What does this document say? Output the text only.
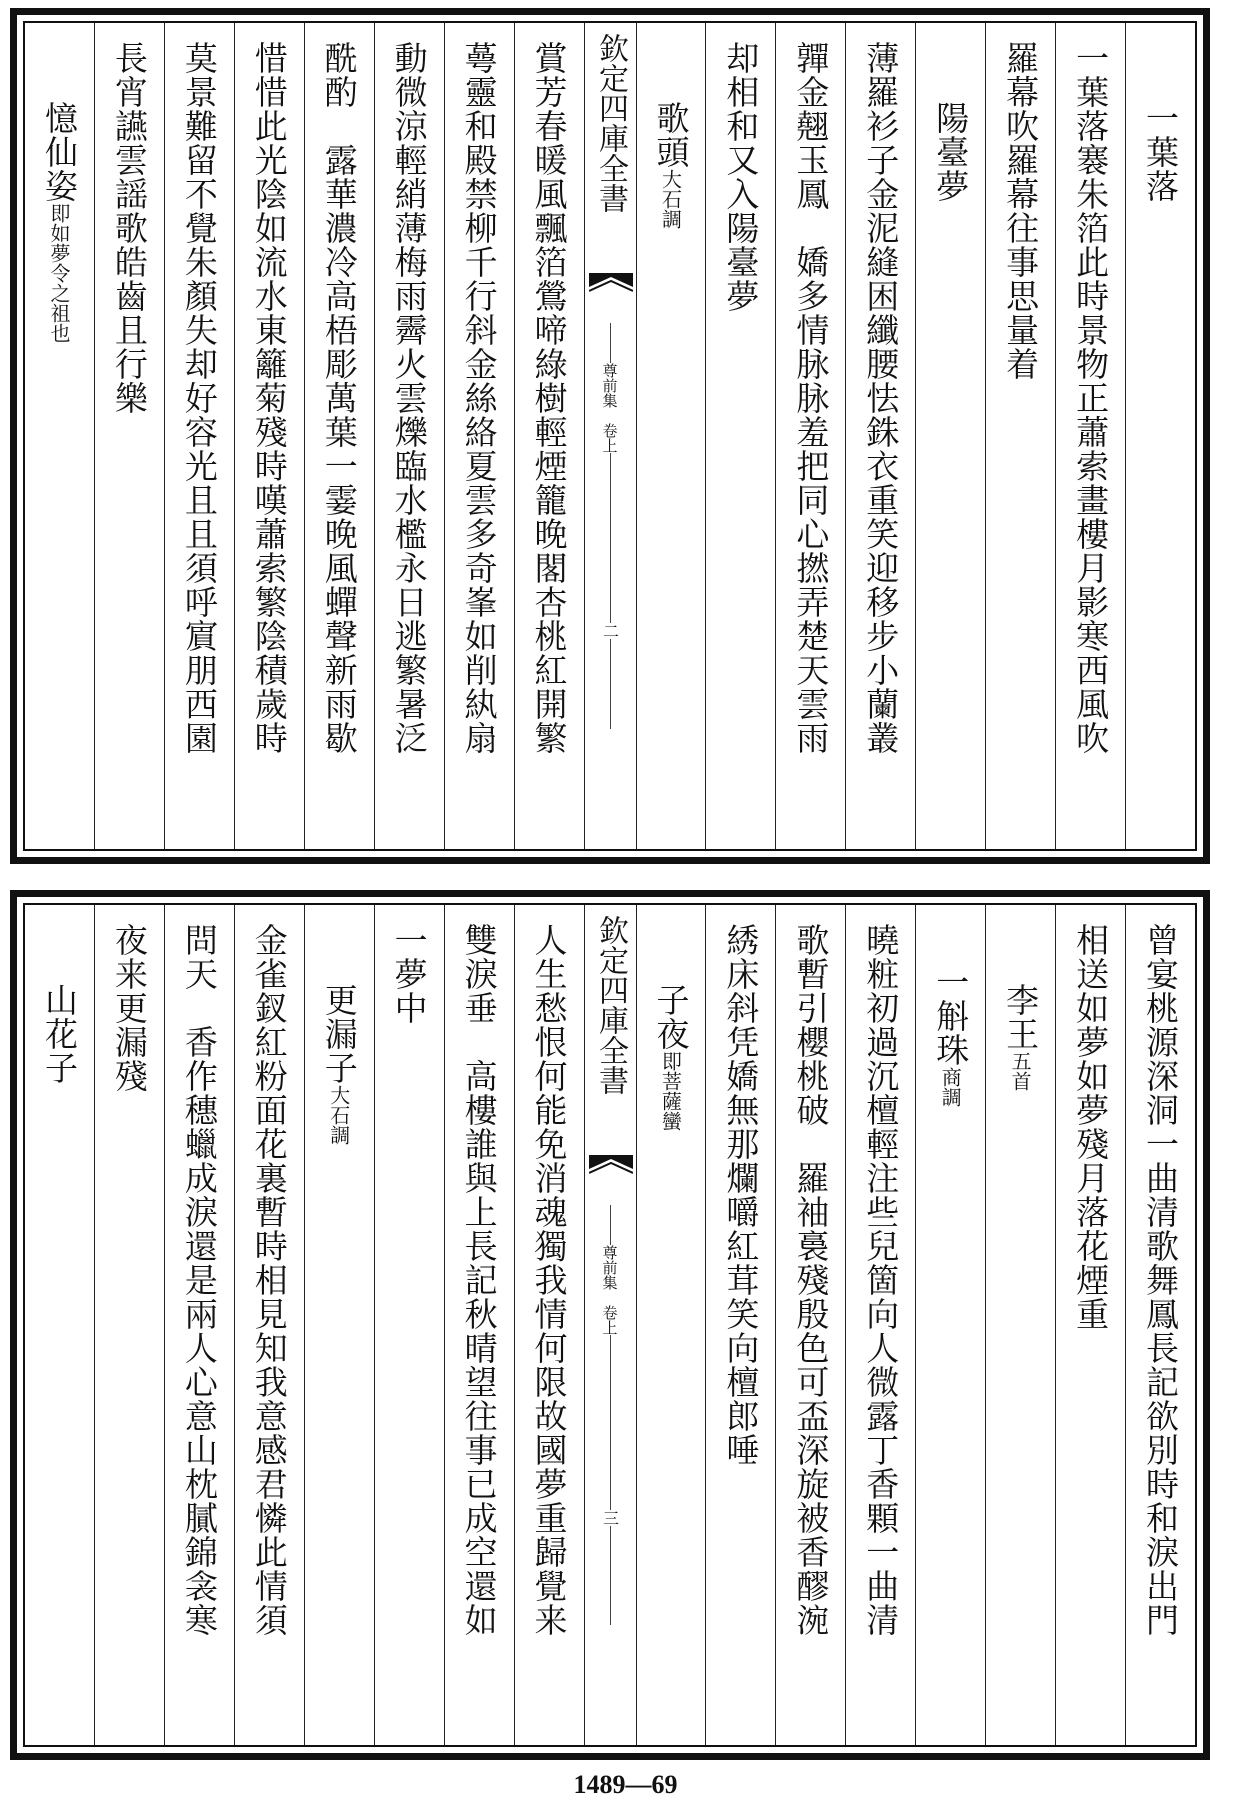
一葉落
一葉落褰朱箔此時景物正蕭索畫樓月影寒西風吹
羅幕吹羅幕往事思量着
陽臺夢
薄羅衫子金泥縫困纖腰怯銖衣重笑迎移步小蘭叢
嚲金翹玉鳳　嬌多情脉脉羞把同心撚弄楚天雲雨
却相和又入陽臺夢
歌頭大石調
欽定四庫全書
尊前集　卷上
二
賞芳春暖風飄箔鶯啼綠樹輕煙籠晚閣杏桃紅開繁
蕚靈和殿禁柳千行斜金絲絡夏雲多奇峯如削紈扇
動微涼輕綃薄梅雨霽火雲爍臨水檻永日逃繁暑泛
酰酌　露華濃冷高梧彫萬葉一霎晚風蟬聲新雨歇
惜惜此光陰如流水東籬菊殘時嘆蕭索繁陰積歲時
莫景難留不覺朱顏失却好容光且且須呼賔朋西園
長宵讌雲謡歌皓齒且行樂
憶仙姿即如夢令之祖也
曾宴桃源深洞一曲清歌舞鳳長記欲別時和淚出門
相送如夢如夢殘月落花煙重
李王五首
一斛珠商調
曉粧初過沉檀輕注些兒箇向人微露丁香顆一曲清
歌暫引櫻桃破　羅袖裛殘殷色可盃深旋被香醪涴
綉床斜凭嬌無那爛嚼紅茸笑向檀郎唾
子夜即菩薩蠻
欽定四庫全書
尊前集　卷上
三
人生愁恨何能免消魂獨我情何限故國夢重歸覺来
雙淚垂　高樓誰與上長記秋晴望往事已成空還如
一夢中
更漏子大石調
金雀釵紅粉面花裏暫時相見知我意感君憐此情須
問天　香作穗蠟成淚還是兩人心意山枕膩錦衾寒
夜来更漏殘
山花子
1489—69
